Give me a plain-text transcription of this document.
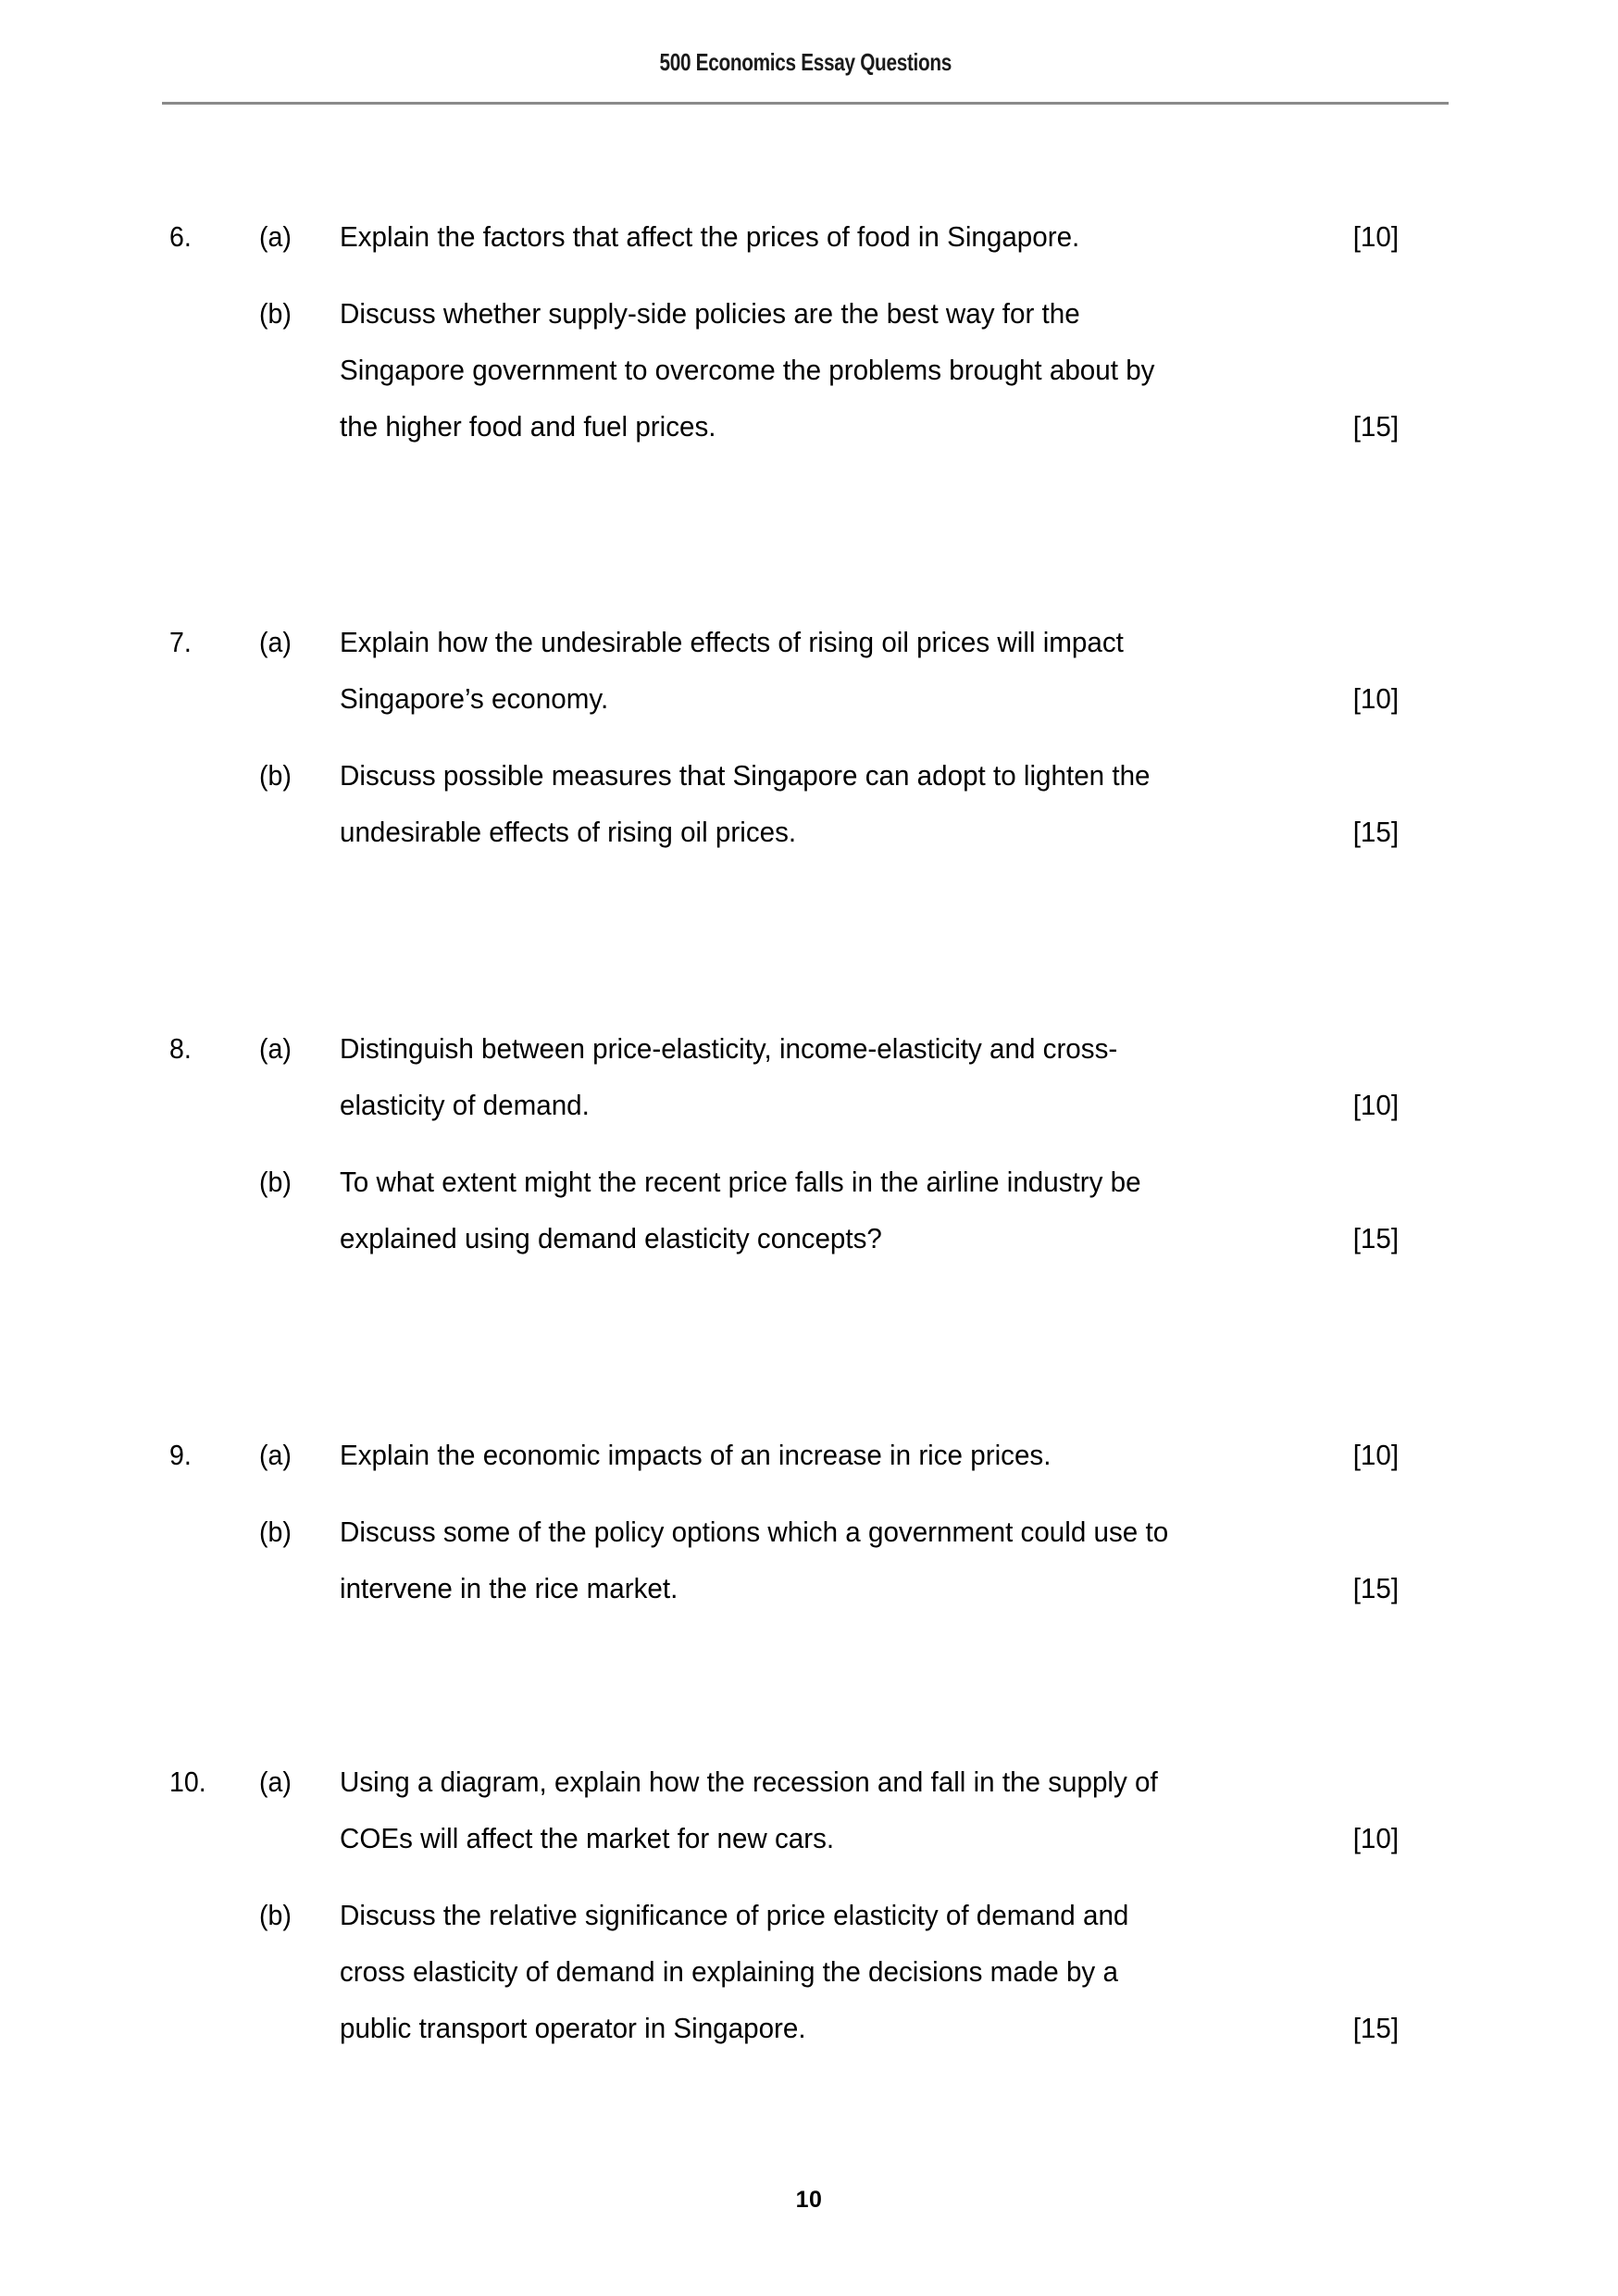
500 Economics Essay Questions
6.	(a)	Explain the factors that affect the prices of food in Singapore.	[10]
(b)	Discuss whether supply-side policies are the best way for the
Singapore government to overcome the problems brought about by
the higher food and fuel prices.	[15]
7.	(a)	Explain how the undesirable effects of rising oil prices will impact
Singapore’s economy.	[10]
(b)	Discuss possible measures that Singapore can adopt to lighten the
undesirable effects of rising oil prices.	[15]
8.	(a)	Distinguish between price-elasticity, income-elasticity and cross-
elasticity of demand.	[10]
(b)	To what extent might the recent price falls in the airline industry be
explained using demand elasticity concepts?	[15]
9.	(a)	Explain the economic impacts of an increase in rice prices.	[10]
(b)	Discuss some of the policy options which a government could use to
intervene in the rice market.	[15]
10.	(a)	Using a diagram, explain how the recession and fall in the supply of
COEs will affect the market for new cars.	[10]
(b)	Discuss the relative significance of price elasticity of demand and
cross elasticity of demand in explaining the decisions made by a
public transport operator in Singapore.	[15]
10
